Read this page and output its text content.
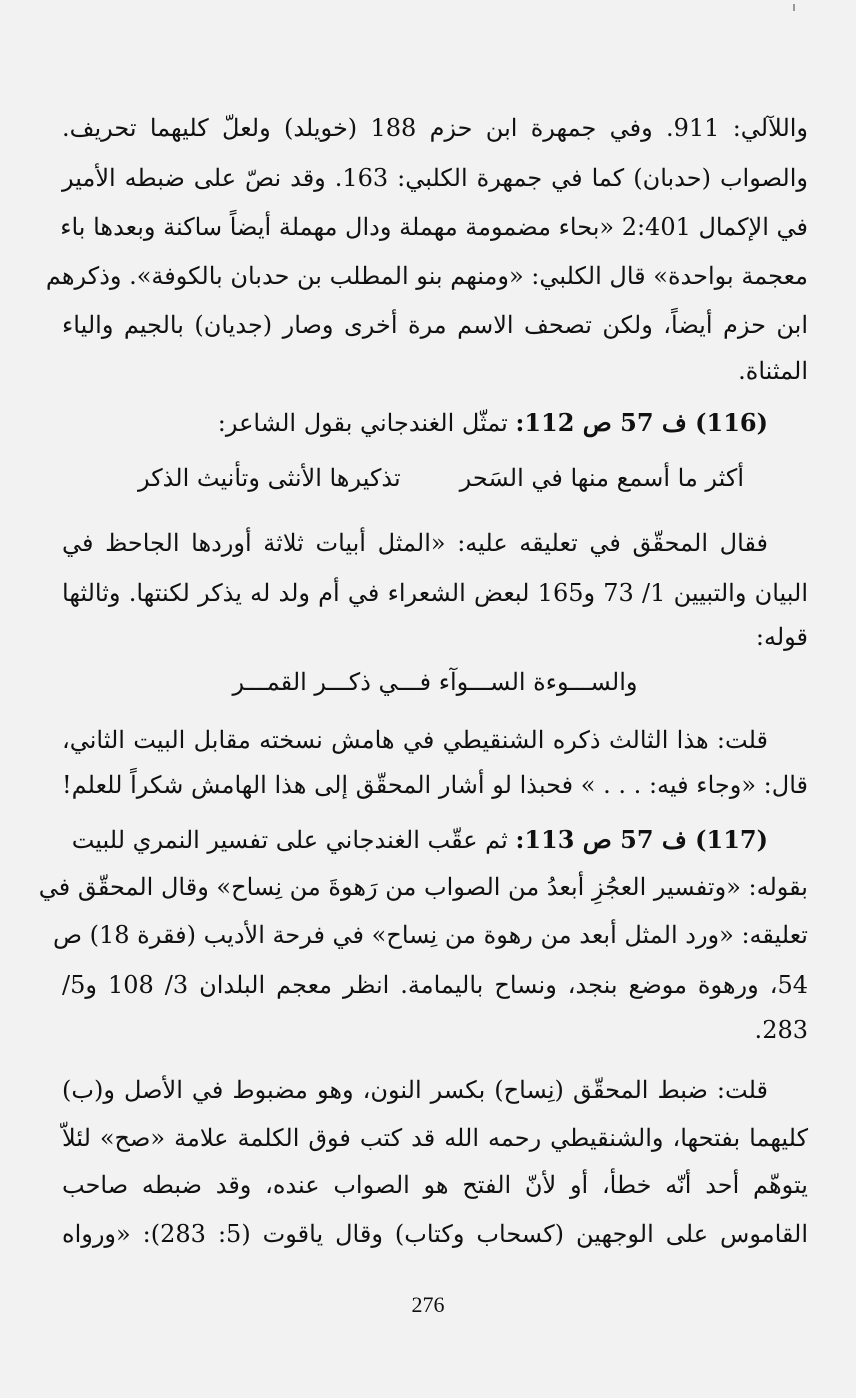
واللآلي: 911. وفي جمهرة ابن حزم 188 (خويلد) ولعلّ كليهما تحريف.
والصواب (حدبان) كما في جمهرة الكلبي: 163. وقد نصّ على ضبطه الأمير
في الإكمال 2:401 «بحاء مضمومة مهملة ودال مهملة أيضاً ساكنة وبعدها باء
معجمة بواحدة» قال الكلبي: «ومنهم بنو المطلب بن حدبان بالكوفة». وذكرهم
ابن حزم أيضاً، ولكن تصحف الاسم مرة أخرى وصار (جديان) بالجيم والياء
المثناة.
(116) ف 57 ص 112: تمثّل الغندجاني بقول الشاعر:
أكثر ما أسمع منها في السَحر
تذكيرها الأنثى وتأنيث الذكر
فقال المحقّق في تعليقه عليه: «المثل أبيات ثلاثة أوردها الجاحظ في
البيان والتبيين 1/ 73 و165 لبعض الشعراء في أم ولد له يذكر لكنتها. وثالثها
قوله:
والســـوءة الســـوآء فـــي ذكـــر القمـــر
قلت: هذا الثالث ذكره الشنقيطي في هامش نسخته مقابل البيت الثاني،
قال: «وجاء فيه: . . . » فحبذا لو أشار المحقّق إلى هذا الهامش شكراً للعلم!
(117) ف 57 ص 113: ثم عقّب الغندجاني على تفسير النمري للبيت
بقوله: «وتفسير العجُزِ أبعدُ من الصواب من رَهوةَ من نِساح» وقال المحقّق في
تعليقه: «ورد المثل أبعد من رهوة من نِساح» في فرحة الأديب (فقرة 18) ص
54، ورهوة موضع بنجد، ونساح باليمامة. انظر معجم البلدان 3/ 108 و5/
283.
قلت: ضبط المحقّق (نِساح) بكسر النون، وهو مضبوط في الأصل و(ب)
كليهما بفتحها، والشنقيطي رحمه الله قد كتب فوق الكلمة علامة «صح» لئلاّ
يتوهّم أحد أنّه خطأ، أو لأنّ الفتح هو الصواب عنده، وقد ضبطه صاحب
القاموس على الوجهين (كسحاب وكتاب) وقال ياقوت (5: 283): «ورواه
276
